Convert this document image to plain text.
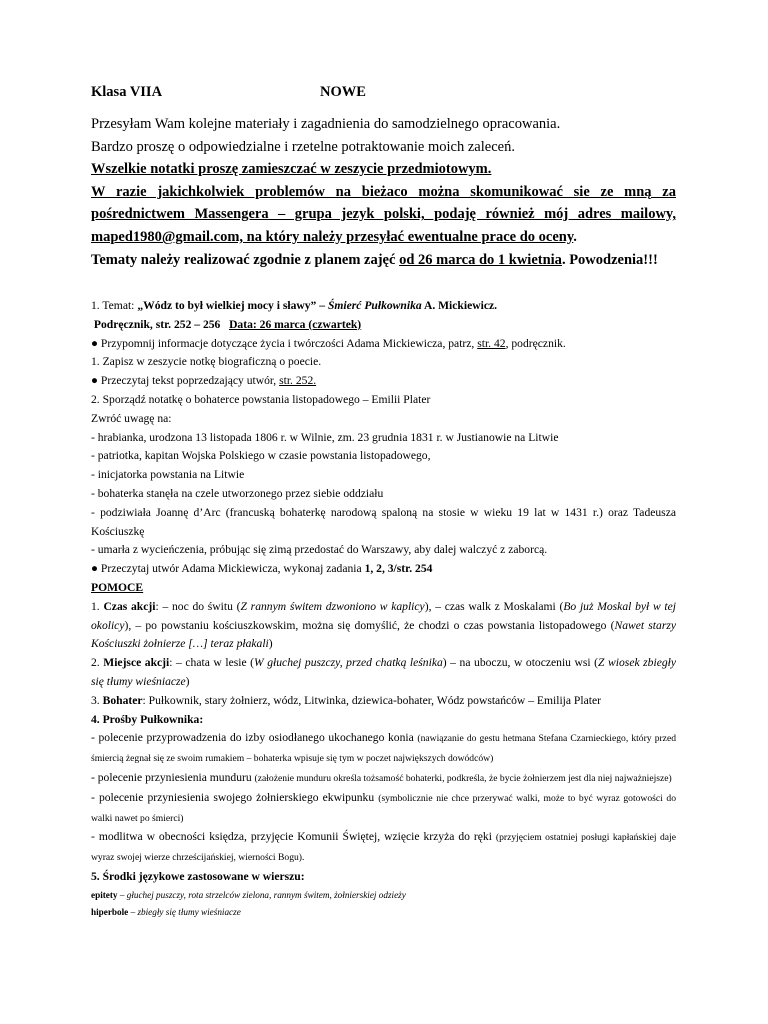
Klasa VIIA	NOWE

Przesyłam Wam kolejne materiały i zagadnienia do samodzielnego opracowania.

Bardzo proszę o odpowiedzialne i rzetelne potraktowanie moich zaleceń.

Wszelkie notatki proszę zamieszczać w zeszycie przedmiotowym.

W razie jakichkolwiek problemów na bieżaco można skomunikować sie ze mną za

pośrednictwem Massengera – grupa jezyk polski, podaję również mój adres mailowy,

maped1980@gmail.com, na który należy przesyłać ewentualne prace do oceny.

Tematy należy realizować zgodnie z planem zajęć od 26 marca do 1 kwietnia. Powodzenia!!!

1. Temat: „Wódz to był wielkiej mocy i sławy” – Śmierć Pułkownika A. Mickiewicz.

Podręcznik, str. 252 – 256 Data: 26 marca (czwartek)

● Przypomnij informacje dotyczące życia i twórczości Adama Mickiewicza, patrz, str. 42, podręcznik.

1. Zapisz w zeszycie notkę biograficzną o poecie.

● Przeczytaj tekst poprzedzający utwór, str. 252.

2. Sporządź notatkę o bohaterce powstania listopadowego – Emilii Plater

Zwróć uwagę na:

- hrabianka, urodzona 13 listopada 1806 r. w Wilnie, zm. 23 grudnia 1831 r. w Justianowie na Litwie

- patriotka, kapitan Wojska Polskiego w czasie powstania listopadowego,

- inicjatorka powstania na Litwie

- bohaterka stanęła na czele utworzonego przez siebie oddziału

- podziwiała Joannę d’Arc (francuską bohaterkę narodową spaloną na stosie w wieku 19 lat w 1431 r.) oraz Tadeusza Kościuszkę

- umarła z wycieńczenia, próbując się zimą przedostać do Warszawy, aby dalej walczyć z zaborcą.

● Przeczytaj utwór Adama Mickiewicza, wykonaj zadania 1, 2, 3/str. 254

POMOCE

1. Czas akcji: – noc do świtu (Z rannym świtem dzwoniono w kaplicy), – czas walk z Moskalami (Bo już Moskal był w tej okolicy), – po powstaniu kościuszkowskim, można się domyślić, że chodzi o czas powstania listopadowego (Nawet starzy Kościuszki żołnierze […] teraz płakali)

2. Miejsce akcji: – chata w lesie (W głuchej puszczy, przed chatką leśnika) – na uboczu, w otoczeniu wsi (Z wiosek zbiegły się tłumy wieśniacze)

3. Bohater: Pułkownik, stary żołnierz, wódz, Litwinka, dziewica-bohater, Wódz powstańców – Emilija Plater

4. Prośby Pułkownika:

- polecenie przyprowadzenia do izby osiodłanego ukochanego konia (nawiązanie do gestu hetmana Stefana Czarnieckiego, który przed śmiercią żegnał się ze swoim rumakiem – bohaterka wpisuje się tym w poczet największych dowódców)

- polecenie przyniesienia munduru (założenie munduru określa tożsamość bohaterki, podkreśla, że bycie żołnierzem jest dla niej najważniejsze)

- polecenie przyniesienia swojego żołnierskiego ekwipunku (symbolicznie nie chce przerywać walki, może to być wyraz gotowości do walki nawet po śmierci)

- modlitwa w obecności księdza, przyjęcie Komunii Świętej, wzięcie krzyża do ręki (przyjęciem ostatniej posługi kapłańskiej daje wyraz swojej wierze chrześcijańskiej, wierności Bogu).

5. Środki językowe zastosowane w wierszu:

epitety – głuchej puszczy, rota strzelców zielona, rannym świtem, żołnierskiej odzieży

hiperbole – zbiegły się tłumy wieśniacze
